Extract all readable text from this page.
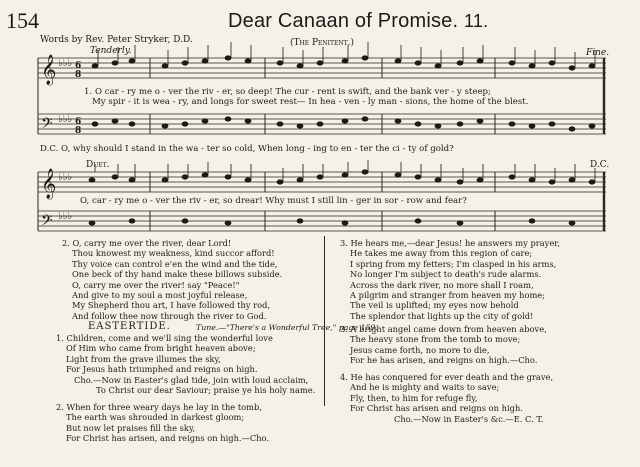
154	Dear Canaan of Promise. 11.
Words by Rev. Peter Stryker, D.D.	(The Penitent.)
Tenderly.	Fine.
𝄞
𝄢
𝄞
𝄢
♭♭♭
♭♭♭
♭♭♭
♭♭♭
6
8
6
8
1. O car - ry me o - ver the riv - er, so deep! The cur - rent is swift, and the bank ver - y steep;
My spir - it is wea - ry, and longs for sweet rest— In hea - ven - ly man - sions, the home of the blest.
D.C. O, why should I stand in the wa - ter so cold, When long - ing to en - ter the ci - ty of gold?
Duet.	D.C.
O, car - ry me o - ver the riv - er, so drear! Why must I still lin - ger in sor - row and fear?
2. O, carry me over the river, dear Lord!
Thou knowest my weakness, kind succor afford!
Thy voice can control e'en the wind and the tide,
One beck of thy hand make these billows subside.
O, carry me over the river! say "Peace!"
And give to my soul a most joyful release,
My Shepherd thou art, I have followed thy rod,
And follow thee now through the river to God.
EASTERTIDE.	Tune.—"There's a Wonderful Tree," page 159.
1. Children, come and we'll sing the wonderful love
Of Him who came from bright heaven above;
Light from the grave illumes the sky,
For Jesus hath triumphed and reigns on high.
Cho.—Now in Easter's glad tide, join with loud acclaim,
To Christ our dear Saviour; praise ye his holy name.
2. When for three weary days he lay in the tomb,
The earth was shrouded in darkest gloom;
But now let praises fill the sky,
For Christ has arisen, and reigns on high.—Cho.
3. He hears me,—dear Jesus! he answers my prayer,
He takes me away from this region of care;
I spring from my fetters; I'm clasped in his arms,
No longer I'm subject to death's rude alarms.
Across the dark river, no more shall I roam,
A pilgrim and stranger from heaven my home;
The veil is uplifted; my eyes now behold
The splendor that lights up the city of gold!
3. A bright angel came down from heaven above,
The heavy stone from the tomb to move;
Jesus came forth, no more to die,
For he has arisen, and reigns on high.—Cho.
4. He has conquered for ever death and the grave,
And he is mighty and waits to save;
Fly, then, to him for refuge fly,
For Christ has arisen and reigns on high.
Cho.—Now in Easter's &c.—E. C. T.
